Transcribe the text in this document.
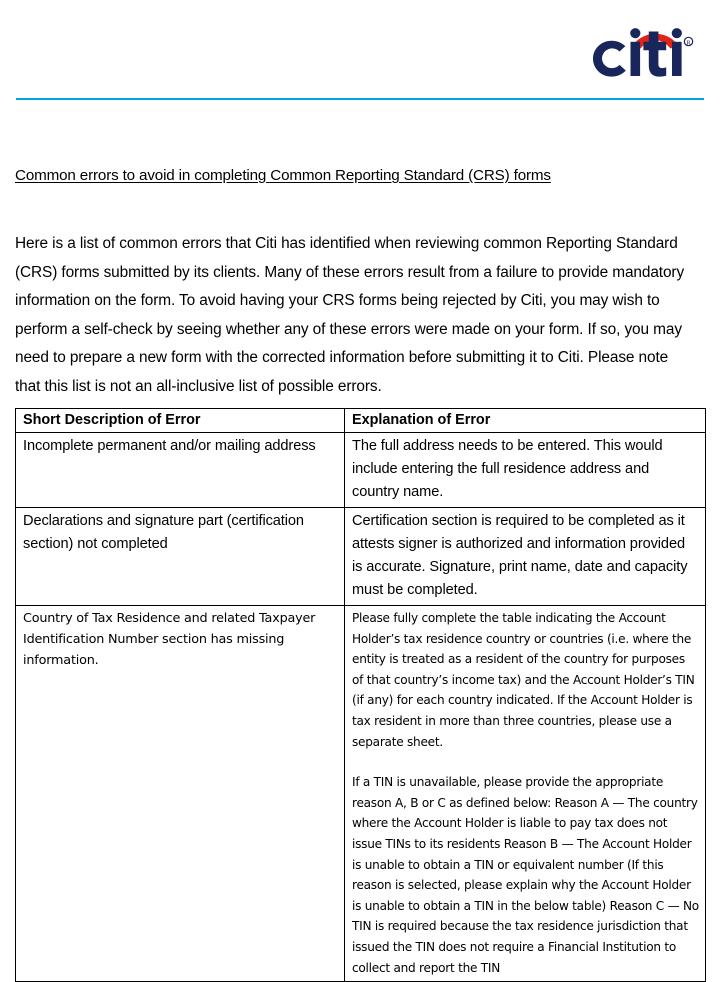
R
Common errors to avoid in completing Common Reporting Standard (CRS) forms
Here is a list of common errors that Citi has identified when reviewing common Reporting Standard (CRS) forms submitted by its clients. Many of these errors result from a failure to provide mandatory information on the form. To avoid having your CRS forms being rejected by Citi, you may wish to perform a self-check by seeing whether any of these errors were made on your form. If so, you may need to prepare a new form with the corrected information before submitting it to Citi. Please note that this list is not an all-inclusive list of possible errors.
Short Description of Error	Explanation of Error
Incomplete permanent and/or mailing address	The full address needs to be entered. This would include entering the full residence address and country name.
Declarations and signature part (certification section) not completed	Certification section is required to be completed as it attests signer is authorized and information provided is accurate. Signature, print name, date and capacity must be completed.
Country of Tax Residence and related Taxpayer Identification Number section has missing information.	Please fully complete the table indicating the Account Holder’s tax residence country or countries (i.e. where the entity is treated as a resident of the country for purposes of that country’s income tax) and the Account Holder’s TIN (if any) for each country indicated. If the Account Holder is tax resident in more than three countries, please use a separate sheet.

If a TIN is unavailable, please provide the appropriate reason A, B or C as defined below: Reason A — The country where the Account Holder is liable to pay tax does not issue TINs to its residents Reason B — The Account Holder is unable to obtain a TIN or equivalent number (If this reason is selected, please explain why the Account Holder is unable to obtain a TIN in the below table) Reason C — No TIN is required because the tax residence jurisdiction that issued the TIN does not require a Financial Institution to collect and report the TIN
